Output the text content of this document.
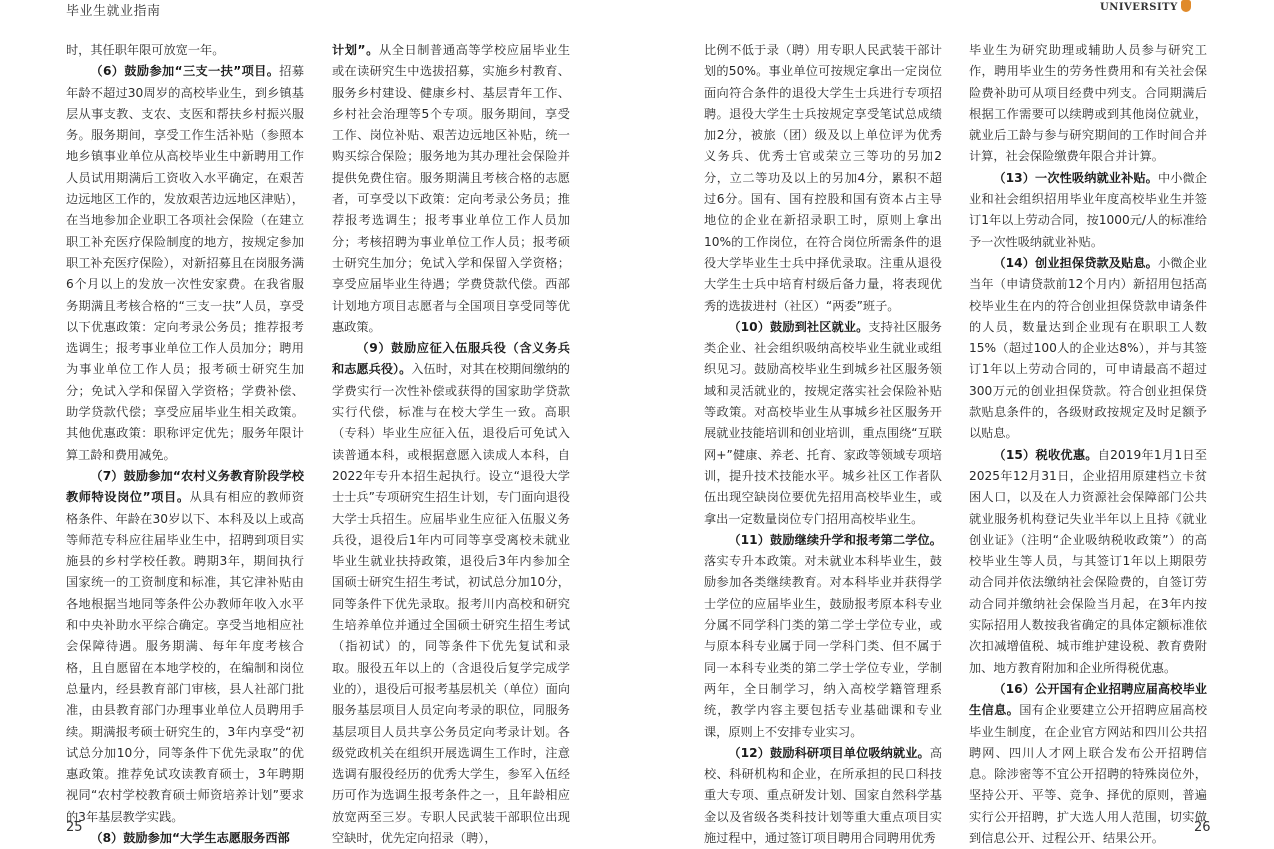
毕业生就业指南	UNIVERSITY

时，其任职年限可放宽一年。

（6）鼓励参加“三支一扶”项目。招募年龄不超过30周岁的高校毕业生，到乡镇基层从事支教、支农、支医和帮扶乡村振兴服务。服务期间，享受工作生活补贴（参照本地乡镇事业单位从高校毕业生中新聘用工作人员试用期满后工资收入水平确定，在艰苦边远地区工作的，发放艰苦边远地区津贴），在当地参加企业职工各项社会保险（在建立职工补充医疗保险制度的地方，按规定参加职工补充医疗保险），对新招募且在岗服务满6个月以上的发放一次性安家费。在我省服务期满且考核合格的“三支一扶”人员，享受以下优惠政策：定向考录公务员；推荐报考选调生；报考事业单位工作人员加分；聘用为事业单位工作人员；报考硕士研究生加分；免试入学和保留入学资格；学费补偿、助学贷款代偿；享受应届毕业生相关政策。其他优惠政策：职称评定优先；服务年限计算工龄和费用减免。

（7）鼓励参加“农村义务教育阶段学校教师特设岗位”项目。从具有相应的教师资格条件、年龄在30岁以下、本科及以上或高等师范专科应往届毕业生中，招聘到项目实施县的乡村学校任教。聘期3年，期间执行国家统一的工资制度和标准，其它津补贴由各地根据当地同等条件公办教师年收入水平和中央补助水平综合确定。享受当地相应社会保障待遇。服务期满、每年年度考核合格，且自愿留在本地学校的，在编制和岗位总量内，经县教育部门审核，县人社部门批准，由县教育部门办理事业单位人员聘用手续。期满报考硕士研究生的，3年内享受“初试总分加10分，同等条件下优先录取”的优惠政策。推荐免试攻读教育硕士，3年聘期视同“农村学校教育硕士师资培养计划”要求的3年基层教学实践。

（8）鼓励参加“大学生志愿服务西部

计划”。从全日制普通高等学校应届毕业生或在读研究生中选拔招募，实施乡村教育、服务乡村建设、健康乡村、基层青年工作、乡村社会治理等5个专项。服务期间，享受工作、岗位补贴、艰苦边远地区补贴，统一购买综合保险；服务地为其办理社会保险并提供免费住宿。服务期满且考核合格的志愿者，可享受以下政策：定向考录公务员；推荐报考选调生；报考事业单位工作人员加分；考核招聘为事业单位工作人员；报考硕士研究生加分；免试入学和保留入学资格；享受应届毕业生待遇；学费贷款代偿。西部计划地方项目志愿者与全国项目享受同等优惠政策。

（9）鼓励应征入伍服兵役（含义务兵和志愿兵役）。入伍时，对其在校期间缴纳的学费实行一次性补偿或获得的国家助学贷款实行代偿，标准与在校大学生一致。高职（专科）毕业生应征入伍，退役后可免试入读普通本科，或根据意愿入读成人本科，自2022年专升本招生起执行。设立“退役大学士士兵”专项研究生招生计划，专门面向退役大学士兵招生。应届毕业生应征入伍服义务兵役，退役后1年内可同等享受离校未就业毕业生就业扶持政策，退役后3年内参加全国硕士研究生招生考试，初试总分加10分，同等条件下优先录取。报考川内高校和研究生培养单位并通过全国硕士研究生招生考试（指初试）的，同等条件下优先复试和录取。服役五年以上的（含退役后复学完成学业的），退役后可报考基层机关（单位）面向服务基层项目人员定向考录的职位，同服务基层项目人员共享公务员定向考录计划。各级党政机关在组织开展选调生工作时，注意选调有服役经历的优秀大学生，参军入伍经历可作为选调生报考条件之一，且年龄相应放宽两至三岁。专职人民武装干部职位出现空缺时，优先定向招录（聘），

比例不低于录（聘）用专职人民武装干部计划的50%。事业单位可按规定拿出一定岗位面向符合条件的退役大学生士兵进行专项招聘。退役大学生士兵按规定享受笔试总成绩加2分，被旅（团）级及以上单位评为优秀义务兵、优秀士官或荣立三等功的另加2分，立二等功及以上的另加4分，累积不超过6分。国有、国有控股和国有资本占主导地位的企业在新招录职工时，原则上拿出10%的工作岗位，在符合岗位所需条件的退役大学毕业生士兵中择优录取。注重从退役大学生士兵中培育村级后备力量，将表现优秀的选拔进村（社区）“两委”班子。

（10）鼓励到社区就业。支持社区服务类企业、社会组织吸纳高校毕业生就业或组织见习。鼓励高校毕业生到城乡社区服务领域和灵活就业的，按规定落实社会保险补贴等政策。对高校毕业生从事城乡社区服务开展就业技能培训和创业培训，重点围绕“互联网+”健康、养老、托育、家政等领域专项培训，提升技术技能水平。城乡社区工作者队伍出现空缺岗位要优先招用高校毕业生，或拿出一定数量岗位专门招用高校毕业生。

（11）鼓励继续升学和报考第二学位。落实专升本政策。对未就业本科毕业生，鼓励参加各类继续教育。对本科毕业并获得学士学位的应届毕业生，鼓励报考原本科专业分属不同学科门类的第二学士学位专业，或与原本科专业属于同一学科门类、但不属于同一本科专业类的第二学士学位专业，学制两年，全日制学习，纳入高校学籍管理系统，教学内容主要包括专业基础课和专业课，原则上不安排专业实习。

（12）鼓励科研项目单位吸纳就业。高校、科研机构和企业，在所承担的民口科技重大专项、重点研发计划、国家自然科学基金以及省级各类科技计划等重大重点项目实施过程中，通过签订项目聘用合同聘用优秀

毕业生为研究助理或辅助人员参与研究工作，聘用毕业生的劳务性费用和有关社会保险费补助可从项目经费中列支。合同期满后根据工作需要可以续聘或到其他岗位就业，就业后工龄与参与研究期间的工作时间合并计算，社会保险缴费年限合并计算。

（13）一次性吸纳就业补贴。中小微企业和社会组织招用毕业年度高校毕业生并签订1年以上劳动合同，按1000元/人的标准给予一次性吸纳就业补贴。

（14）创业担保贷款及贴息。小微企业当年（申请贷款前12个月内）新招用包括高校毕业生在内的符合创业担保贷款申请条件的人员，数量达到企业现有在职职工人数15%（超过100人的企业达8%），并与其签订1年以上劳动合同的，可申请最高不超过300万元的创业担保贷款。符合创业担保贷款贴息条件的，各级财政按规定及时足额予以贴息。

（15）税收优惠。自2019年1月1日至2025年12月31日，企业招用原建档立卡贫困人口，以及在人力资源社会保障部门公共就业服务机构登记失业半年以上且持《就业创业证》（注明“企业吸纳税收政策”）的高校毕业生等人员，与其签订1年以上期限劳动合同并依法缴纳社会保险费的，自签订劳动合同并缴纳社会保险当月起，在3年内按实际招用人数按我省确定的具体定额标准依次扣减增值税、城市维护建设税、教育费附加、地方教育附加和企业所得税优惠。

（16）公开国有企业招聘应届高校毕业生信息。国有企业要建立公开招聘应届高校毕业生制度，在企业官方网站和四川公共招聘网、四川人才网上联合发布公开招聘信息。除涉密等不宜公开招聘的特殊岗位外，坚持公开、平等、竞争、择优的原则，普遍实行公开招聘，扩大选人用人范围，切实做到信息公开、过程公开、结果公开。

25	26
